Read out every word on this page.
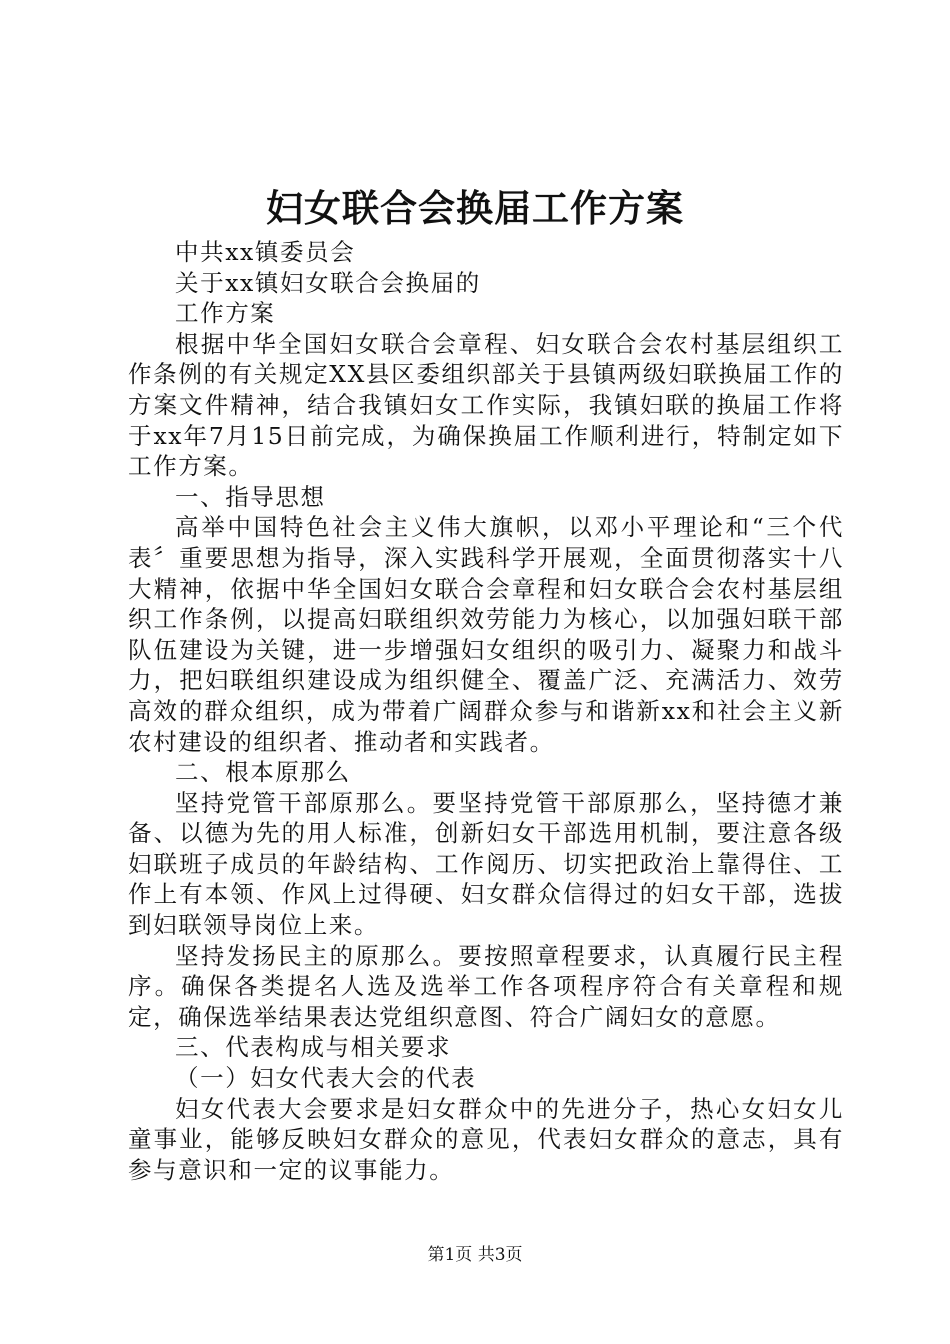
妇女联合会换届工作方案

中共xx镇委员会

关于xx镇妇女联合会换届的

工作方案

根据中华全国妇女联合会章程、妇女联合会农村基层组织工作条例的有关规定XX县区委组织部关于县镇两级妇联换届工作的方案文件精神，结合我镇妇女工作实际，我镇妇联的换届工作将于xx年7月15日前完成，为确保换届工作顺利进行，特制定如下工作方案。

一、指导思想

高举中国特色社会主义伟大旗帜，以邓小平理论和“三个代表〞重要思想为指导，深入实践科学开展观，全面贯彻落实十八大精神，依据中华全国妇女联合会章程和妇女联合会农村基层组织工作条例，以提高妇联组织效劳能力为核心，以加强妇联干部队伍建设为关键，进一步增强妇女组织的吸引力、凝聚力和战斗力，把妇联组织建设成为组织健全、覆盖广泛、充满活力、效劳高效的群众组织，成为带着广阔群众参与和谐新xx和社会主义新农村建设的组织者、推动者和实践者。

二、根本原那么

坚持党管干部原那么。要坚持党管干部原那么，坚持德才兼备、以德为先的用人标准，创新妇女干部选用机制，要注意各级妇联班子成员的年龄结构、工作阅历、切实把政治上靠得住、工作上有本领、作风上过得硬、妇女群众信得过的妇女干部，选拔到妇联领导岗位上来。

坚持发扬民主的原那么。要按照章程要求，认真履行民主程序。确保各类提名人选及选举工作各项程序符合有关章程和规定，确保选举结果表达党组织意图、符合广阔妇女的意愿。

三、代表构成与相关要求

（一）妇女代表大会的代表

妇女代表大会要求是妇女群众中的先进分子，热心女妇女儿童事业，能够反映妇女群众的意见，代表妇女群众的意志，具有参与意识和一定的议事能力。

第1页 共3页
